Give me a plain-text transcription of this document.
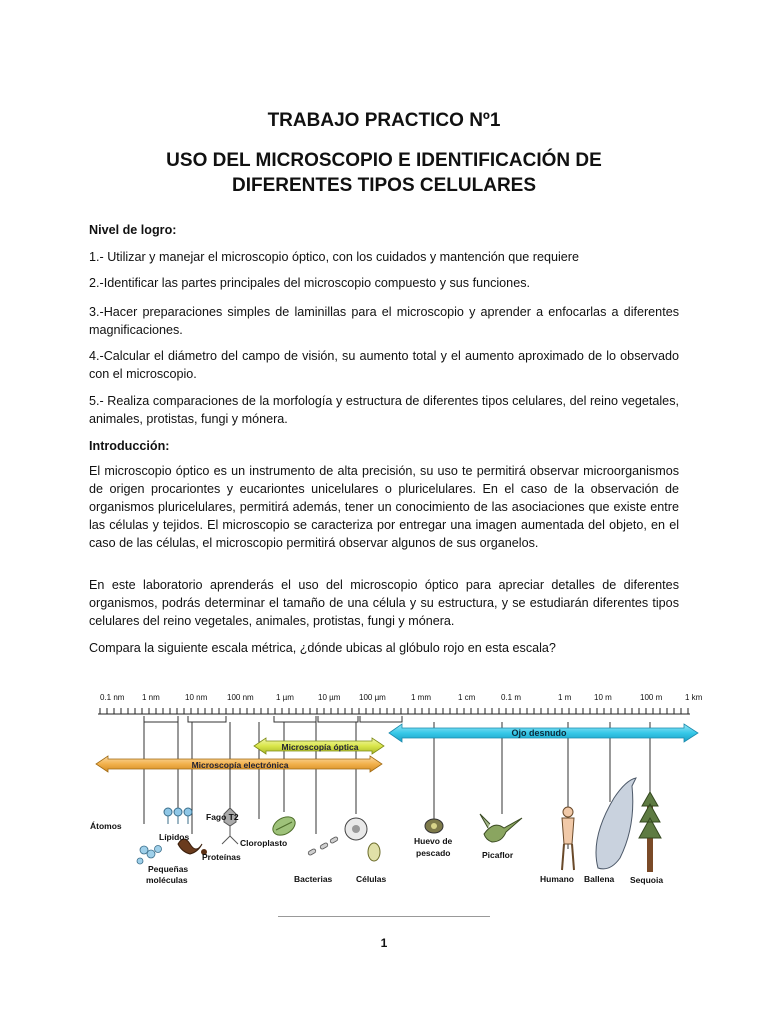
TRABAJO PRACTICO Nº1
USO DEL MICROSCOPIO E IDENTIFICACIÓN DE
DIFERENTES TIPOS CELULARES
Nivel de logro:
1.- Utilizar y manejar el microscopio óptico, con los cuidados y mantención que requiere
2.-Identificar las partes principales del microscopio compuesto y sus funciones.
3.-Hacer preparaciones simples de laminillas para el microscopio y aprender a enfocarlas a diferentes magnificaciones.
4.-Calcular el diámetro del campo de visión, su aumento total y el aumento aproximado de lo observado con el microscopio.
5.- Realiza comparaciones de la morfología y estructura de diferentes tipos celulares, del reino vegetales, animales, protistas, fungi y mónera.
Introducción:
El microscopio óptico es un instrumento de alta precisión, su uso te permitirá observar microorganismos de origen procariontes y eucariontes unicelulares o pluricelulares. En el caso de la observación de organismos pluricelulares, permitirá además, tener un conocimiento de las asociaciones que existe entre las células y tejidos. El microscopio se caracteriza por entregar una imagen aumentada del objeto, en el caso de las células, el microscopio permitirá observar algunos de sus organelos.
En este laboratorio aprenderás el uso del microscopio óptico para apreciar detalles de diferentes organismos, podrás determinar el tamaño de una célula y su estructura, y se estudiarán diferentes tipos celulares del reino vegetales, animales, protistas, fungi y mónera.
Compara la siguiente escala métrica, ¿dónde ubicas al glóbulo rojo en esta escala?
0.1 nm 1 nm	10 nm 100 nm	1 µm	10 µm 100 µm	1 mm	1 cm	0.1 m	1 m	10 m	100 m	1 km
Ojo desnudo
Microscopía óptica
Microscopía electrónica
Átomos
Lípidos
Pequeñas
moléculas
Fago T2
Proteínas
Cloroplasto
Bacterias	Células
Huevo de
pescado	Picaflor
Humano Ballena Sequoia
1
